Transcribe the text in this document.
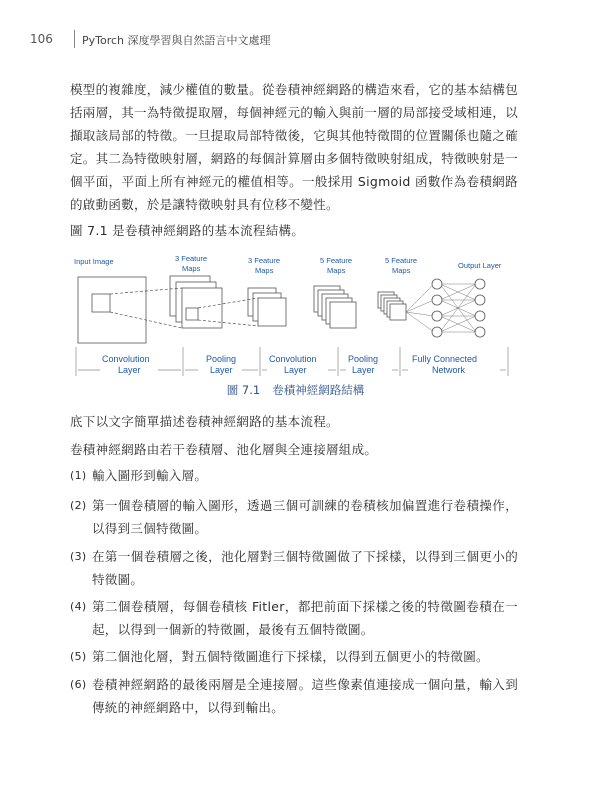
106	PyTorch 深度學習與自然語言中文處理

模型的複雜度，減少權值的數量。從卷積神經網路的構造來看，它的基本結構包括兩層，其一為特徵提取層，每個神經元的輸入與前一層的局部接受域相連，以擷取該局部的特徵。一旦提取局部特徵後，它與其他特徵間的位置關係也隨之確定。其二為特徵映射層，網路的每個計算層由多個特徵映射組成，特徵映射是一個平面，平面上所有神經元的權值相等。一般採用 Sigmoid 函數作為卷積網路的啟動函數，於是讓特徵映射具有位移不變性。

圖 7.1 是卷積神經網路的基本流程結構。

Input Image	3 Feature
Maps
3 Feature
Maps
5 Feature
Maps
5 Feature
Maps
Output Layer
Convolution
Layer
Pooling
Layer
Convolution
Layer
Pooling
Layer
Fully Connected
Network
圖 7.1 卷積神經網路結構

底下以文字簡單描述卷積神經網路的基本流程。

卷積神經網路由若干卷積層、池化層與全連接層組成。

(1) 輸入圖形到輸入層。
(2) 第一個卷積層的輸入圖形，透過三個可訓練的卷積核加偏置進行卷積操作，以得到三個特徵圖。
(3) 在第一個卷積層之後，池化層對三個特徵圖做了下採樣，以得到三個更小的特徵圖。
(4) 第二個卷積層，每個卷積核 Fitler，都把前面下採樣之後的特徵圖卷積在一起，以得到一個新的特徵圖，最後有五個特徵圖。
(5) 第二個池化層，對五個特徵圖進行下採樣，以得到五個更小的特徵圖。
(6) 卷積神經網路的最後兩層是全連接層。這些像素值連接成一個向量，輸入到傳統的神經網路中，以得到輸出。
